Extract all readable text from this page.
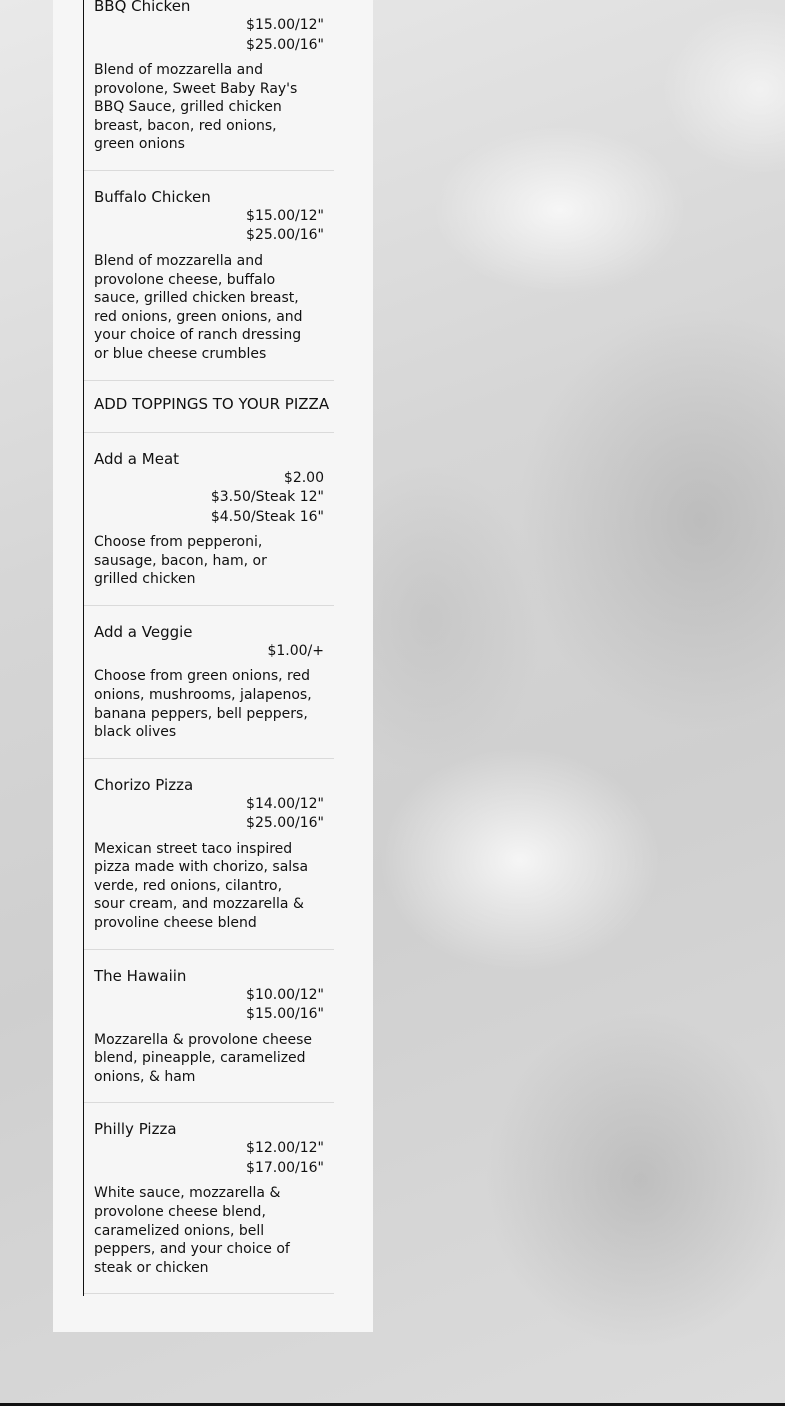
BBQ Chicken
$15.00/12"
$25.00/16"
Blend of mozzarella and provolone, Sweet Baby Ray's BBQ Sauce, grilled chicken breast, bacon, red onions, green onions
Buffalo Chicken
$15.00/12"
$25.00/16"
Blend of mozzarella and provolone cheese, buffalo sauce, grilled chicken breast, red onions, green onions, and your choice of ranch dressing or blue cheese crumbles
ADD TOPPINGS TO YOUR PIZZA
Add a Meat
$2.00
$3.50/Steak 12"
$4.50/Steak 16"
Choose from pepperoni, sausage, bacon, ham, or grilled chicken
Add a Veggie
$1.00/+
Choose from green onions, red onions, mushrooms, jalapenos, banana peppers, bell peppers, black olives
Chorizo Pizza
$14.00/12"
$25.00/16"
Mexican street taco inspired pizza made with chorizo, salsa verde, red onions, cilantro, sour cream, and mozzarella & provoline cheese blend
The Hawaiin
$10.00/12"
$15.00/16"
Mozzarella & provolone cheese blend, pineapple, caramelized onions, & ham
Philly Pizza
$12.00/12"
$17.00/16"
White sauce, mozzarella & provolone cheese blend, caramelized onions, bell peppers, and your choice of steak or chicken
